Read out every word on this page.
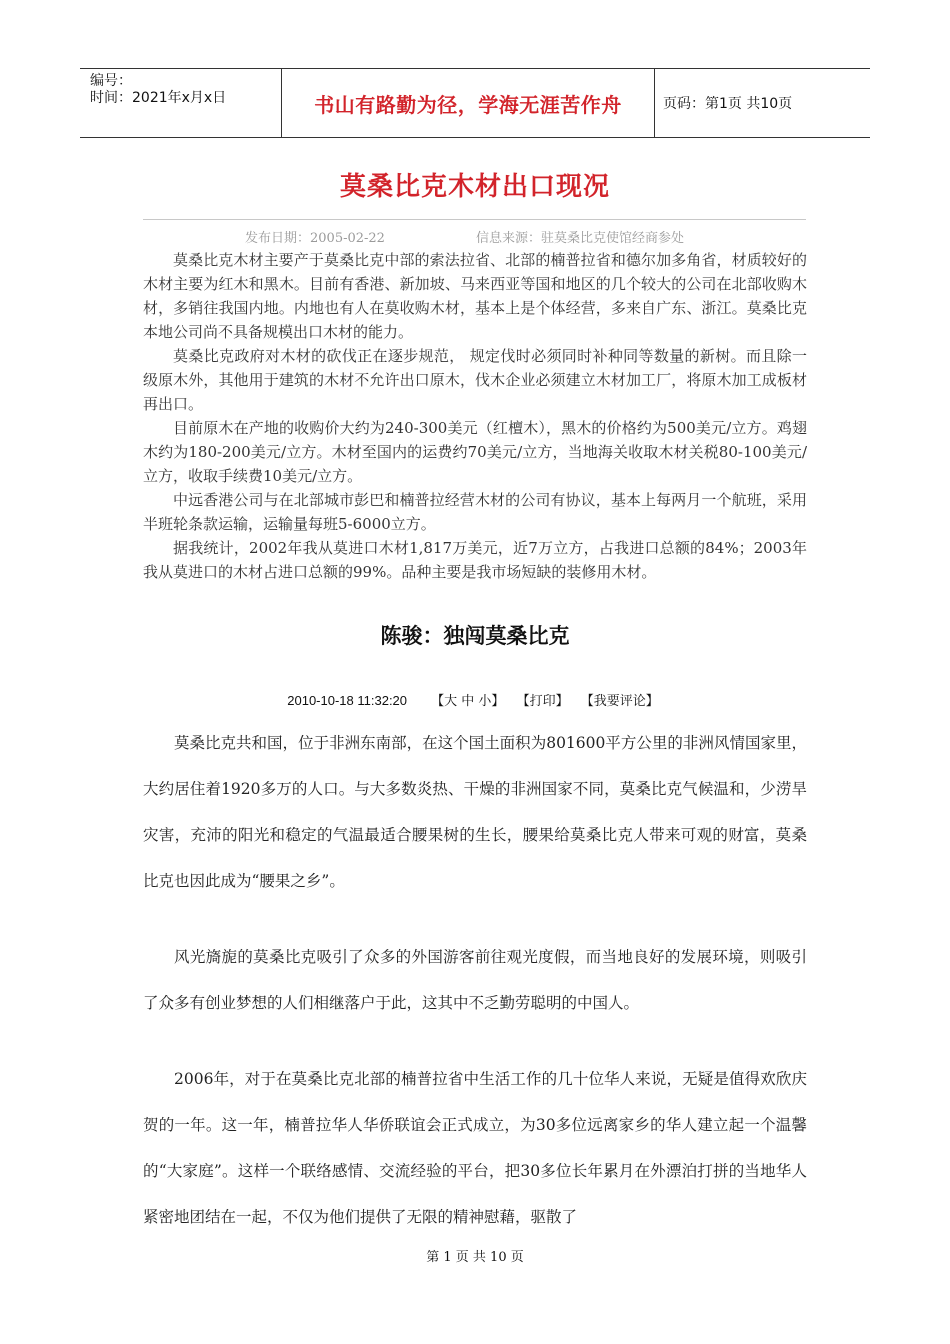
编号：
时间：2021年x月x日	书山有路勤为径，学海无涯苦作舟	页码：第1页 共10页
莫桑比克木材出口现况
发布日期：2005-02-22	信息来源：驻莫桑比克使馆经商参处

莫桑比克木材主要产于莫桑比克中部的索法拉省、北部的楠普拉省和德尔加多角省，材质较好的木材主要为红木和黑木。目前有香港、新加坡、马来西亚等国和地区的几个较大的公司在北部收购木材，多销往我国内地。内地也有人在莫收购木材，基本上是个体经营，多来自广东、浙江。莫桑比克本地公司尚不具备规模出口木材的能力。

莫桑比克政府对木材的砍伐正在逐步规范， 规定伐时必须同时补种同等数量的新树。而且除一级原木外，其他用于建筑的木材不允许出口原木，伐木企业必须建立木材加工厂，将原木加工成板材再出口。

目前原木在产地的收购价大约为240-300美元（红檀木），黑木的价格约为500美元/立方。鸡翅木约为180-200美元/立方。木材至国内的运费约70美元/立方，当地海关收取木材关税80-100美元/立方，收取手续费10美元/立方。

中远香港公司与在北部城市彭巴和楠普拉经营木材的公司有协议，基本上每两月一个航班，采用半班轮条款运输，运输量每班5-6000立方。

据我统计，2002年我从莫进口木材1,817万美元，近7万立方，占我进口总额的84%；2003年我从莫进口的木材占进口总额的99%。品种主要是我市场短缺的装修用木材。

陈骏：独闯莫桑比克
2010-10-18 11:32:20 【大 中 小】 【打印】 【我要评论】

莫桑比克共和国，位于非洲东南部，在这个国土面积为801600平方公里的非洲风情国家里，大约居住着1920多万的人口。与大多数炎热、干燥的非洲国家不同，莫桑比克气候温和，少涝旱灾害，充沛的阳光和稳定的气温最适合腰果树的生长，腰果给莫桑比克人带来可观的财富，莫桑比克也因此成为“腰果之乡”。

风光旖旎的莫桑比克吸引了众多的外国游客前往观光度假，而当地良好的发展环境，则吸引了众多有创业梦想的人们相继落户于此，这其中不乏勤劳聪明的中国人。

2006年，对于在莫桑比克北部的楠普拉省中生活工作的几十位华人来说，无疑是值得欢欣庆贺的一年。这一年，楠普拉华人华侨联谊会正式成立，为30多位远离家乡的华人建立起一个温馨的“大家庭”。这样一个联络感情、交流经验的平台，把30多位长年累月在外漂泊打拼的当地华人紧密地团结在一起，不仅为他们提供了无限的精神慰藉，驱散了

第 1 页 共 10 页
